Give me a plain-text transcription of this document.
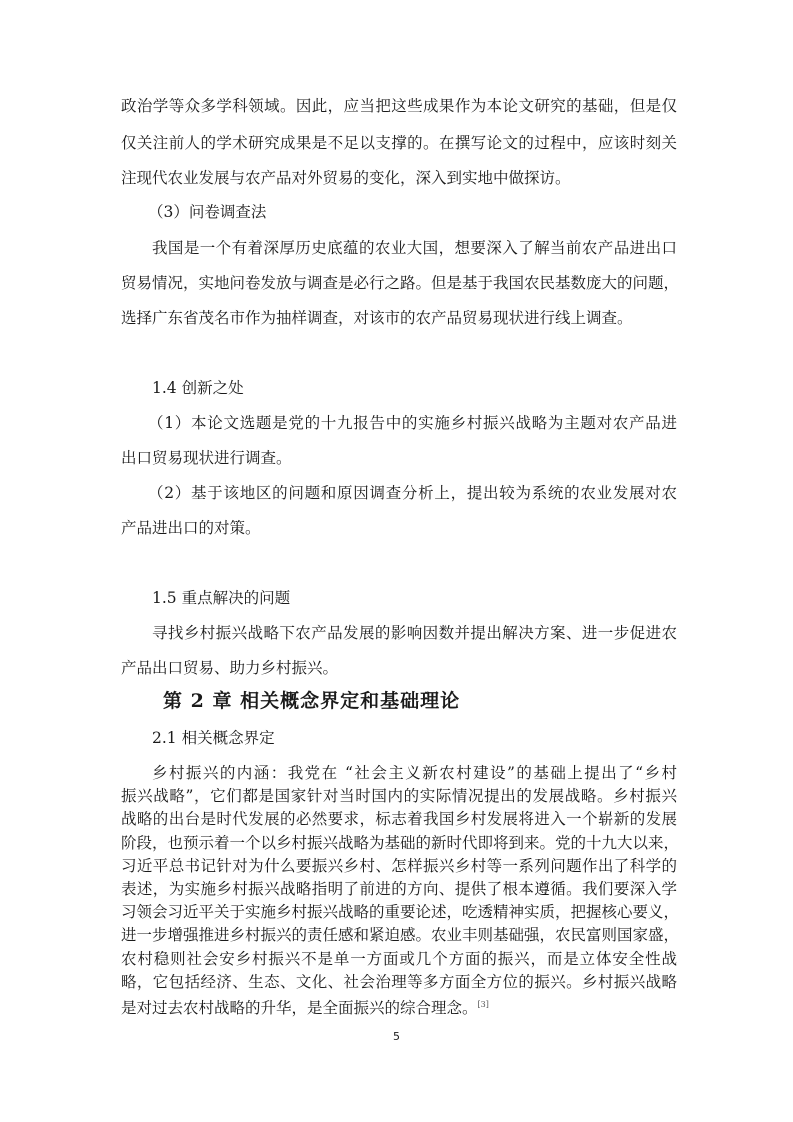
政治学等众多学科领域。因此，应当把这些成果作为本论文研究的基础，但是仅
仅关注前人的学术研究成果是不足以支撑的。在撰写论文的过程中，应该时刻关
注现代农业发展与农产品对外贸易的变化，深入到实地中做探访。
（3）问卷调查法
我国是一个有着深厚历史底蕴的农业大国，想要深入了解当前农产品进出口
贸易情况，实地问卷发放与调查是必行之路。但是基于我国农民基数庞大的问题，
选择广东省茂名市作为抽样调查，对该市的农产品贸易现状进行线上调查。
1.4 创新之处
（1）本论文选题是党的十九报告中的实施乡村振兴战略为主题对农产品进
出口贸易现状进行调查。
（2）基于该地区的问题和原因调查分析上，提出较为系统的农业发展对农
产品进出口的对策。
1.5 重点解决的问题
寻找乡村振兴战略下农产品发展的影响因数并提出解决方案、进一步促进农
产品出口贸易、助力乡村振兴。
第 2 章 相关概念界定和基础理论
2.1 相关概念界定
5
乡村振兴的内涵：我党在 “社会主义新农村建设”的基础上提出了“乡村
振兴战略”，它们都是国家针对当时国内的实际情况提出的发展战略。乡村振兴
战略的出台是时代发展的必然要求，标志着我国乡村发展将进入一个崭新的发展
阶段，也预示着一个以乡村振兴战略为基础的新时代即将到来。党的十九大以来，
习近平总书记针对为什么要振兴乡村、怎样振兴乡村等一系列问题作出了科学的
表述，为实施乡村振兴战略指明了前进的方向、提供了根本遵循。我们要深入学
习领会习近平关于实施乡村振兴战略的重要论述，吃透精神实质，把握核心要义，
进一步增强推进乡村振兴的责任感和紧迫感。农业丰则基础强，农民富则国家盛，
农村稳则社会安乡村振兴不是单一方面或几个方面的振兴，而是立体安全性战
略，它包括经济、生态、文化、社会治理等多方面全方位的振兴。乡村振兴战略
是对过去农村战略的升华，是全面振兴的综合理念。[3]
